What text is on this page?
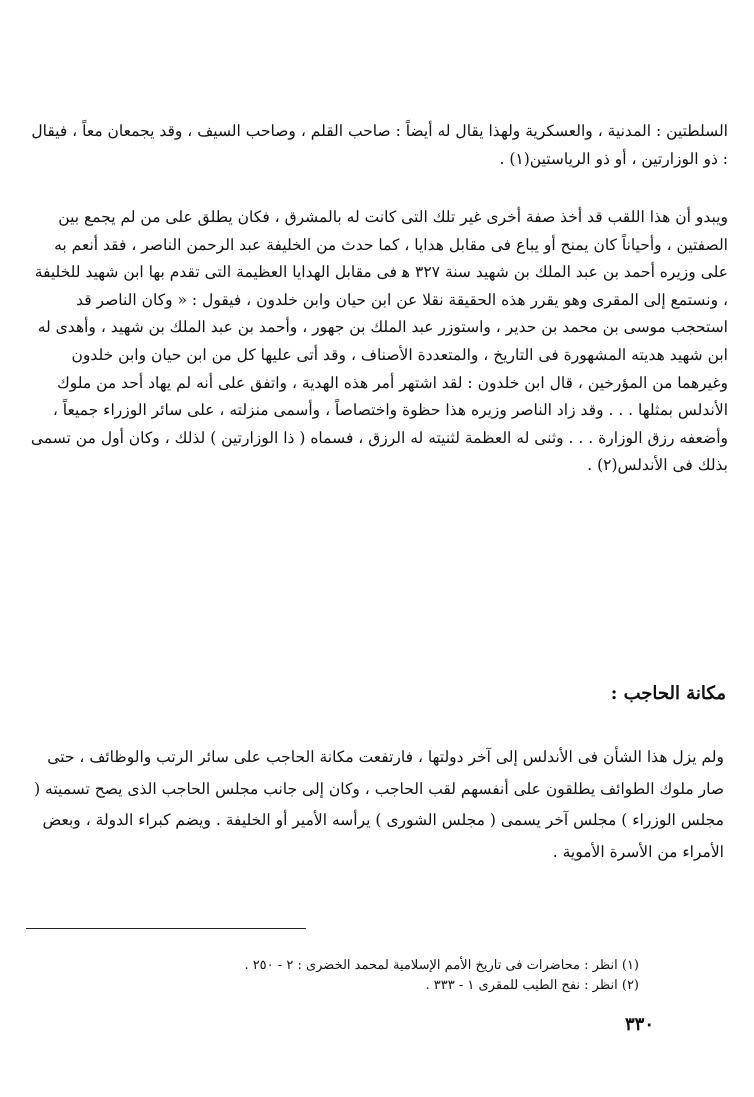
السلطتين : المدنية ، والعسكرية ولهذا يقال له أيضاً : صاحب القلم ، وصاحب السيف ، وقد يجمعان معاً ، فيقال : ذو الوزارتين ، أو ذو الرياستين(١) .

ويبدو أن هذا اللقب قد أخذ صفة أخرى غير تلك التى كانت له بالمشرق ، فكان يطلق على من لم يجمع بين الصفتين ، وأحياناً كان يمنح أو يباع فى مقابل هدايا ، كما حدث من الخليفة عبد الرحمن الناصر ، فقد أنعم به على وزيره أحمد بن عبد الملك بن شهيد سنة ٣٢٧ ﻫ فى مقابل الهدايا العظيمة التى تقدم بها ابن شهيد للخليفة ، ونستمع إلى المقرى وهو يقرر هذه الحقيقة نقلا عن ابن حيان وابن خلدون ، فيقول : « وكان الناصر قد استحجب موسى بن محمد بن حدير ، واستوزر عبد الملك بن جهور ، وأحمد بن عبد الملك بن شهيد ، وأهدى له ابن شهيد هديته المشهورة فى التاريخ ، والمتعددة الأصناف ، وقد أتى عليها كل من ابن حيان وابن خلدون وغيرهما من المؤرخين ، قال ابن خلدون : لقد اشتهر أمر هذه الهدية ، واتفق على أنه لم يهاد أحد من ملوك الأندلس بمثلها . . . وقد زاد الناصر وزيره هذا حظوة واختصاصاً ، وأسمى منزلته ، على سائر الوزراء جميعاً ، وأضعفه رزق الوزارة . . . وثنى له العظمة لثنيته له الرزق ، فسماه ( ذا الوزارتين ) لذلك ، وكان أول من تسمى بذلك فى الأندلس(٢) .

مكانة الحاجب :

ولم يزل هذا الشأن فى الأندلس إلى آخر دولتها ، فارتفعت مكانة الحاجب على سائر الرتب والوظائف ، حتى صار ملوك الطوائف يطلقون على أنفسهم لقب الحاجب ، وكان إلى جانب مجلس الحاجب الذى يصح تسميته ( مجلس الوزراء ) مجلس آخر يسمى ( مجلس الشورى ) يرأسه الأمير أو الخليفة . ويضم كبراء الدولة ، وبعض الأمراء من الأسرة الأموية .

(١) انظر : محاضرات فى تاريخ الأمم الإسلامية لمحمد الخضرى : ٢ - ٢٥٠ .
(٢) انظر : نفح الطيب للمقرى ١ - ٣٣٣ .
٣٣٠
